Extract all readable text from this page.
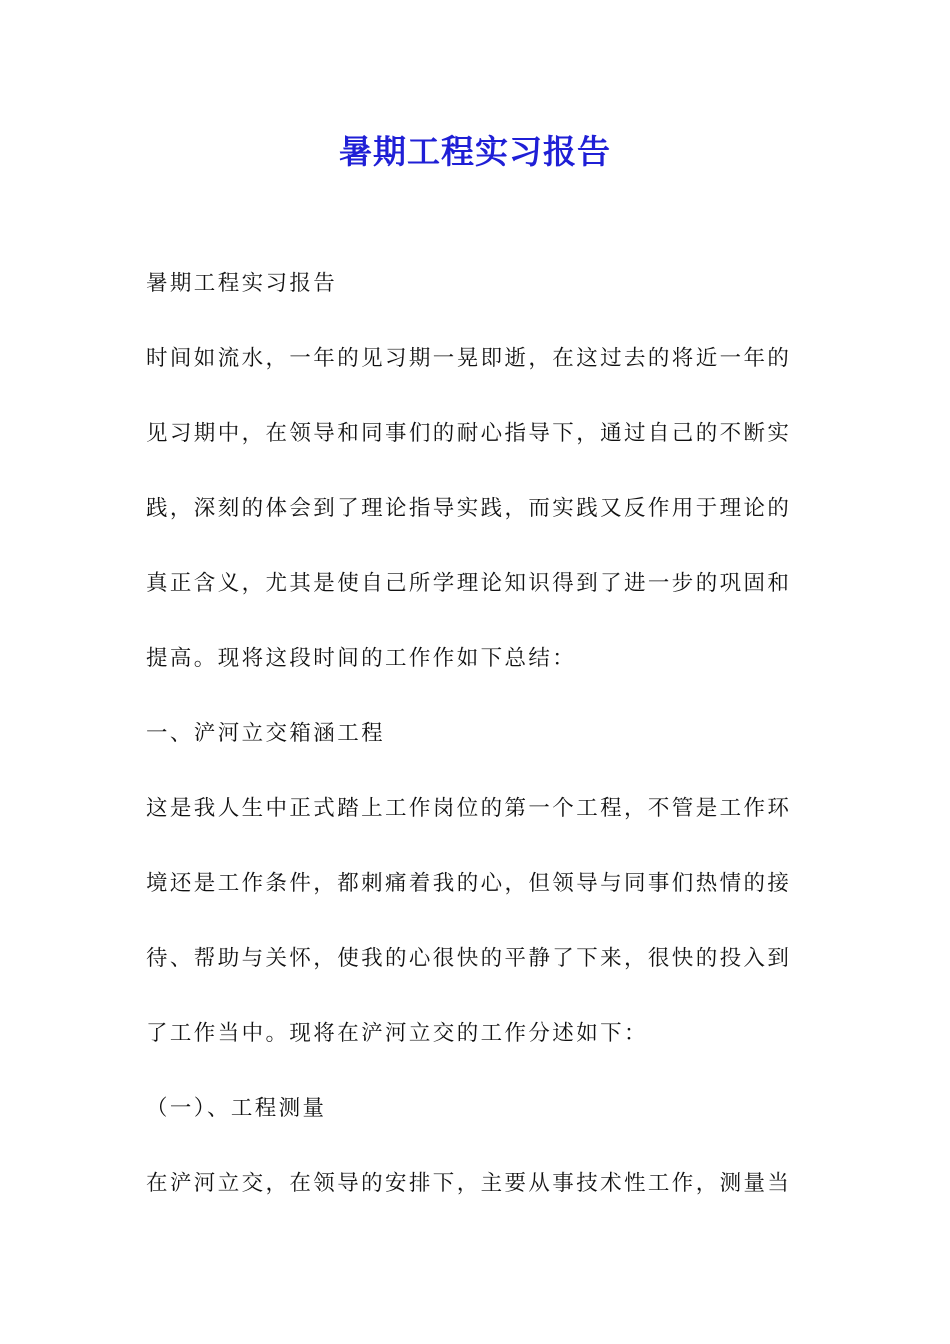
暑期工程实习报告
暑期工程实习报告
时间如流水，一年的见习期一晃即逝，在这过去的将近一年的
见习期中，在领导和同事们的耐心指导下，通过自己的不断实
践，深刻的体会到了理论指导实践，而实践又反作用于理论的
真正含义，尤其是使自己所学理论知识得到了进一步的巩固和
提高。现将这段时间的工作作如下总结：
一、浐河立交箱涵工程
这是我人生中正式踏上工作岗位的第一个工程，不管是工作环
境还是工作条件，都刺痛着我的心，但领导与同事们热情的接
待、帮助与关怀，使我的心很快的平静了下来，很快的投入到
了工作当中。现将在浐河立交的工作分述如下：
（一）、工程测量
在浐河立交，在领导的安排下，主要从事技术性工作，测量当
